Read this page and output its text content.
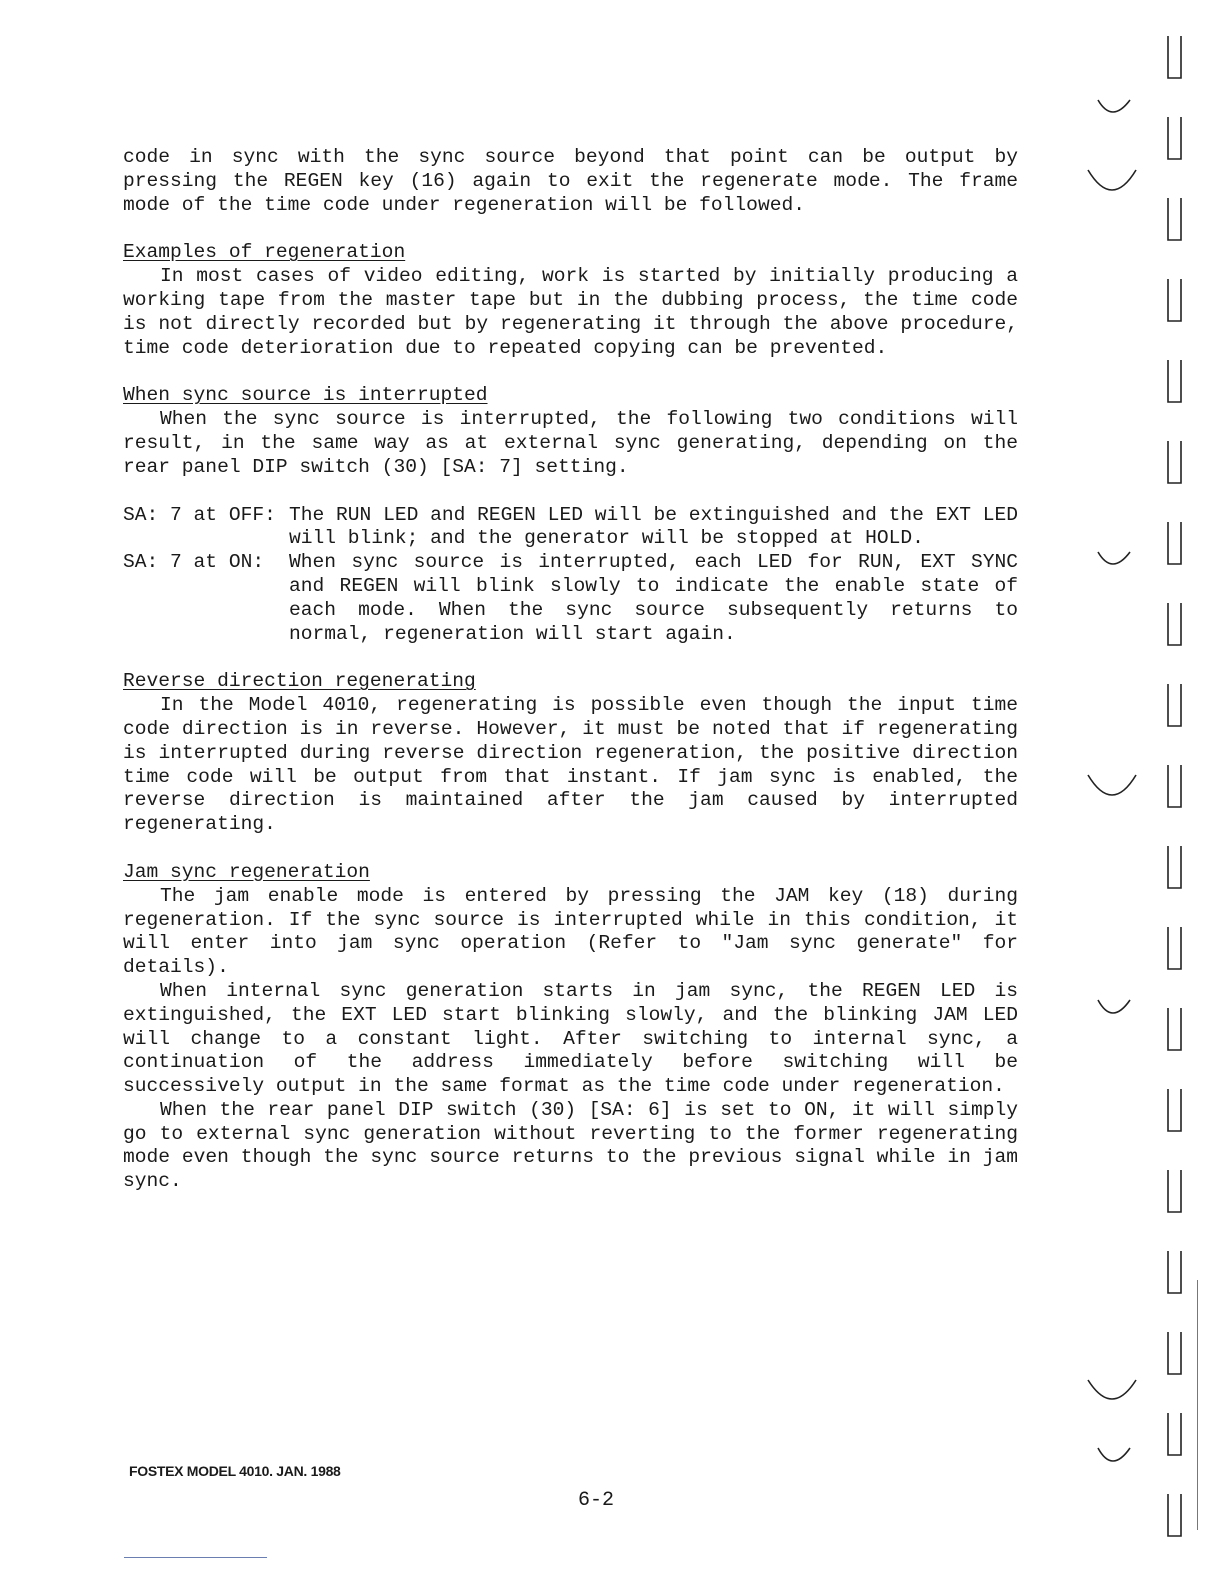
code in sync with the sync source beyond that point can be output by pressing the REGEN key (16) again to exit the regenerate mode. The frame mode of the time code under regeneration will be followed.

Examples of regeneration

In most cases of video editing, work is started by initially producing a working tape from the master tape but in the dubbing process, the time code is not directly recorded but by regenerating it through the above procedure, time code deterioration due to repeated copying can be prevented.

When sync source is interrupted

When the sync source is interrupted, the following two conditions will result, in the same way as at external sync generating, depending on the rear panel DIP switch (30) [SA: 7] setting.

SA: 7 at OFF: The RUN LED and REGEN LED will be extinguished and the EXT LED will blink; and the generator will be stopped at HOLD.
SA: 7 at ON:	When sync source is interrupted, each LED for RUN, EXT SYNC and REGEN will blink slowly to indicate the enable state of each mode. When the sync source subsequently returns to normal, regeneration will start again.

Reverse direction regenerating

In the Model 4010, regenerating is possible even though the input time code direction is in reverse. However, it must be noted that if regenerating is interrupted during reverse direction regeneration, the positive direction time code will be output from that instant. If jam sync is enabled, the reverse direction is maintained after the jam caused by interrupted regenerating.

Jam sync regeneration

The jam enable mode is entered by pressing the JAM key (18) during regeneration. If the sync source is interrupted while in this condition, it will enter into jam sync operation (Refer to "Jam sync generate" for details).

When internal sync generation starts in jam sync, the REGEN LED is extinguished, the EXT LED start blinking slowly, and the blinking JAM LED will change to a constant light. After switching to internal sync, a continuation of the address immediately before switching will be successively output in the same format as the time code under regeneration.

When the rear panel DIP switch (30) [SA: 6] is set to ON, it will simply go to external sync generation without reverting to the former regenerating mode even though the sync source returns to the previous signal while in jam sync.

FOSTEX MODEL 4010. JAN. 1988
6-2
